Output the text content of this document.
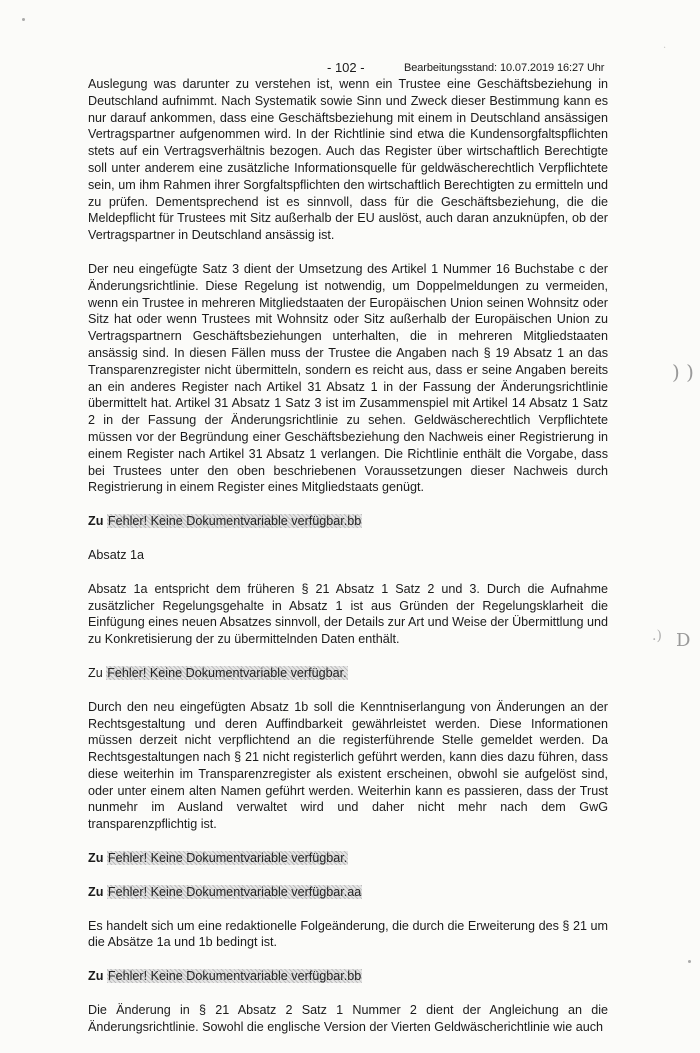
- 102 -	Bearbeitungsstand: 10.07.2019 16:27 Uhr

Auslegung was darunter zu verstehen ist, wenn ein Trustee eine Geschäftsbeziehung in Deutschland aufnimmt. Nach Systematik sowie Sinn und Zweck dieser Bestimmung kann es nur darauf ankommen, dass eine Geschäftsbeziehung mit einem in Deutschland ansässigen Vertragspartner aufgenommen wird. In der Richtlinie sind etwa die Kundensorgfaltspflichten stets auf ein Vertragsverhältnis bezogen. Auch das Register über wirtschaftlich Berechtigte soll unter anderem eine zusätzliche Informationsquelle für geldwäscherechtlich Verpflichtete sein, um ihm Rahmen ihrer Sorgfaltspflichten den wirtschaftlich Berechtigten zu ermitteln und zu prüfen. Dementsprechend ist es sinnvoll, dass für die Geschäftsbeziehung, die die Meldepflicht für Trustees mit Sitz außerhalb der EU auslöst, auch daran anzuknüpfen, ob der Vertragspartner in Deutschland ansässig ist.

Der neu eingefügte Satz 3 dient der Umsetzung des Artikel 1 Nummer 16 Buchstabe c der Änderungsrichtlinie. Diese Regelung ist notwendig, um Doppelmeldungen zu vermeiden, wenn ein Trustee in mehreren Mitgliedstaaten der Europäischen Union seinen Wohnsitz oder Sitz hat oder wenn Trustees mit Wohnsitz oder Sitz außerhalb der Europäischen Union zu Vertragspartnern Geschäftsbeziehungen unterhalten, die in mehreren Mitgliedstaaten ansässig sind. In diesen Fällen muss der Trustee die Angaben nach § 19 Absatz 1 an das Transparenzregister nicht übermitteln, sondern es reicht aus, dass er seine Angaben bereits an ein anderes Register nach Artikel 31 Absatz 1 in der Fassung der Änderungsrichtlinie übermittelt hat. Artikel 31 Absatz 1 Satz 3 ist im Zusammenspiel mit Artikel 14 Absatz 1 Satz 2 in der Fassung der Änderungsrichtlinie zu sehen. Geldwäscherechtlich Verpflichtete müssen vor der Begründung einer Geschäftsbeziehung den Nachweis einer Registrierung in einem Register nach Artikel 31 Absatz 1 verlangen. Die Richtlinie enthält die Vorgabe, dass bei Trustees unter den oben beschriebenen Voraussetzungen dieser Nachweis durch Registrierung in einem Register eines Mitgliedstaats genügt.

Zu Fehler! Keine Dokumentvariable verfügbar.bb

Absatz 1a

Absatz 1a entspricht dem früheren § 21 Absatz 1 Satz 2 und 3. Durch die Aufnahme zusätzlicher Regelungsgehalte in Absatz 1 ist aus Gründen der Regelungsklarheit die Einfügung eines neuen Absatzes sinnvoll, der Details zur Art und Weise der Übermittlung und zu Konkretisierung der zu übermittelnden Daten enthält.

Zu Fehler! Keine Dokumentvariable verfügbar.

Durch den neu eingefügten Absatz 1b soll die Kenntniserlangung von Änderungen an der Rechtsgestaltung und deren Auffindbarkeit gewährleistet werden. Diese Informationen müssen derzeit nicht verpflichtend an die registerführende Stelle gemeldet werden. Da Rechtsgestaltungen nach § 21 nicht registerlich geführt werden, kann dies dazu führen, dass diese weiterhin im Transparenzregister als existent erscheinen, obwohl sie aufgelöst sind, oder unter einem alten Namen geführt werden. Weiterhin kann es passieren, dass der Trust nunmehr im Ausland verwaltet wird und daher nicht mehr nach dem GwG transparenzpflichtig ist.

Zu Fehler! Keine Dokumentvariable verfügbar.

Zu Fehler! Keine Dokumentvariable verfügbar.aa

Es handelt sich um eine redaktionelle Folgeänderung, die durch die Erweiterung des § 21 um die Absätze 1a und 1b bedingt ist.

Zu Fehler! Keine Dokumentvariable verfügbar.bb

Die Änderung in § 21 Absatz 2 Satz 1 Nummer 2 dient der Angleichung an die Änderungsrichtlinie. Sowohl die englische Version der Vierten Geldwäscherichtlinie wie auch

) )
.) D
.
